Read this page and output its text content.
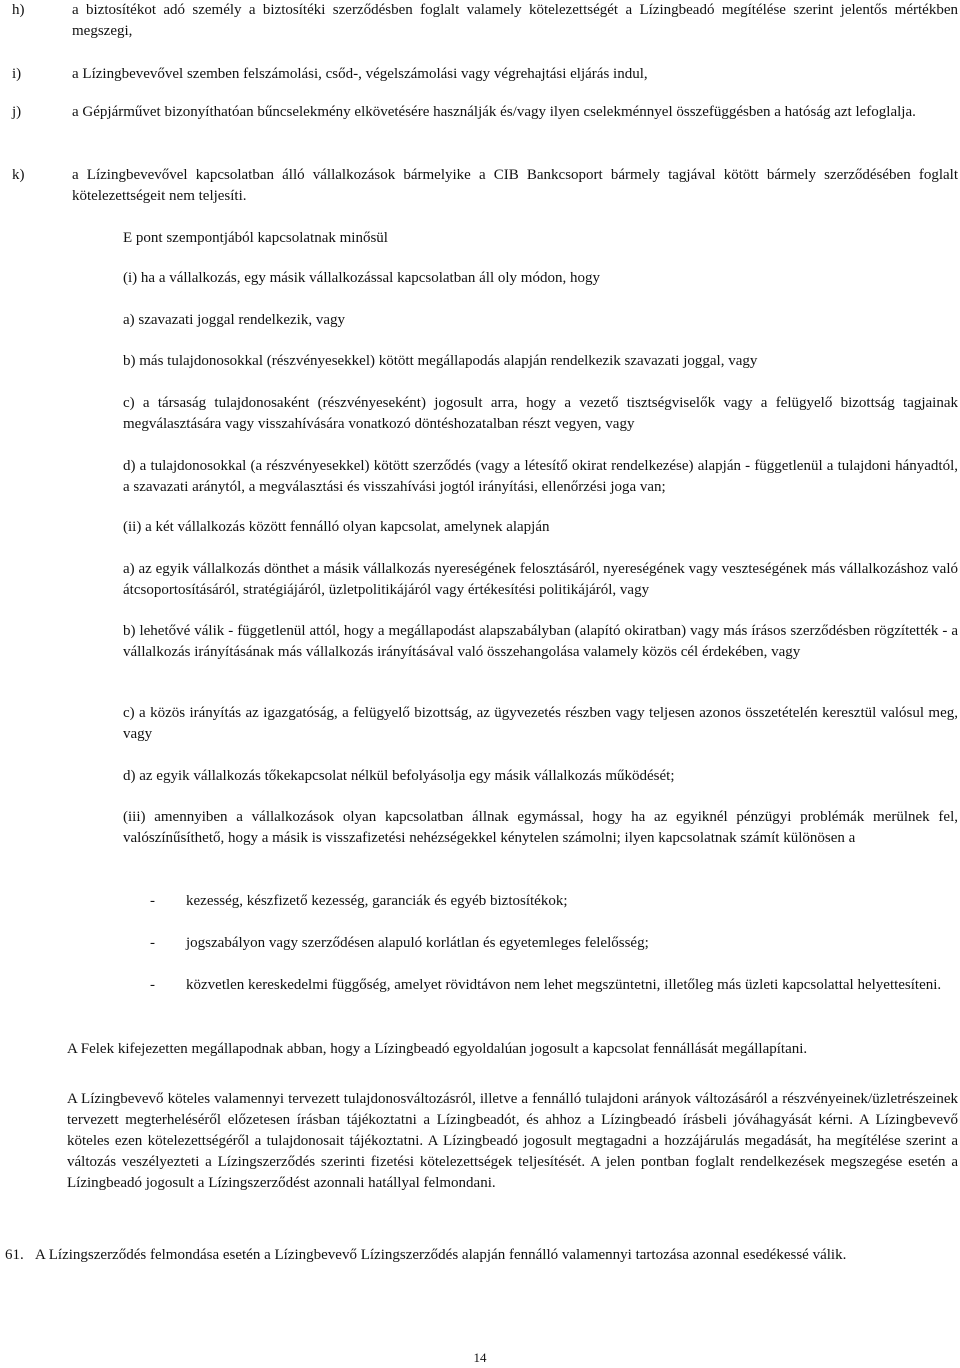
h)	a biztosítékot adó személy a biztosítéki szerződésben foglalt valamely kötelezettségét a Lízingbeadó megítélése szerint jelentős mértékben megszegi,
i)	a Lízingbevevővel szemben felszámolási, csőd-, végelszámolási vagy végrehajtási eljárás indul,
j)	a Gépjárművet bizonyíthatóan bűncselekmény elkövetésére használják és/vagy ilyen cselekménnyel összefüggésben a hatóság azt lefoglalja.
k)	a Lízingbevevővel kapcsolatban álló vállalkozások bármelyike a CIB Bankcsoport bármely tagjával kötött bármely szerződésében foglalt kötelezettségeit nem teljesíti.
E pont szempontjából kapcsolatnak minősül
(i) ha a vállalkozás, egy másik vállalkozással kapcsolatban áll oly módon, hogy
a) szavazati joggal rendelkezik, vagy
b) más tulajdonosokkal (részvényesekkel) kötött megállapodás alapján rendelkezik szavazati joggal, vagy
c) a társaság tulajdonosaként (részvényeseként) jogosult arra, hogy a vezető tisztségviselők vagy a felügyelő bizottság tagjainak megválasztására vagy visszahívására vonatkozó döntéshozatalban részt vegyen, vagy
d) a tulajdonosokkal (a részvényesekkel) kötött szerződés (vagy a létesítő okirat rendelkezése) alapján - függetlenül a tulajdoni hányadtól, a szavazati aránytól, a megválasztási és visszahívási jogtól irányítási, ellenőrzési joga van;
(ii) a két vállalkozás között fennálló olyan kapcsolat, amelynek alapján
a) az egyik vállalkozás dönthet a másik vállalkozás nyereségének felosztásáról, nyereségének vagy veszteségének más vállalkozáshoz való átcsoportosításáról, stratégiájáról, üzletpolitikájáról vagy értékesítési politikájáról, vagy
b) lehetővé válik - függetlenül attól, hogy a megállapodást alapszabályban (alapító okiratban) vagy más írásos szerződésben rögzítették - a vállalkozás irányításának más vállalkozás irányításával való összehangolása valamely közös cél érdekében, vagy
c) a közös irányítás az igazgatóság, a felügyelő bizottság, az ügyvezetés részben vagy teljesen azonos összetételén keresztül valósul meg, vagy
d) az egyik vállalkozás tőkekapcsolat nélkül befolyásolja egy másik vállalkozás működését;
(iii) amennyiben a vállalkozások olyan kapcsolatban állnak egymással, hogy ha az egyiknél pénzügyi problémák merülnek fel, valószínűsíthető, hogy a másik is visszafizetési nehézségekkel kénytelen számolni; ilyen kapcsolatnak számít különösen a
- kezesség, készfizető kezesség, garanciák és egyéb biztosítékok;
- jogszabályon vagy szerződésen alapuló korlátlan és egyetemleges felelősség;
- közvetlen kereskedelmi függőség, amelyet rövidtávon nem lehet megszüntetni, illetőleg más üzleti kapcsolattal helyettesíteni.
A Felek kifejezetten megállapodnak abban, hogy a Lízingbeadó egyoldalúan jogosult a kapcsolat fennállását megállapítani.
A Lízingbevevő köteles valamennyi tervezett tulajdonosváltozásról, illetve a fennálló tulajdoni arányok változásáról a részvényeinek/üzletrészeinek tervezett megterheléséről előzetesen írásban tájékoztatni a Lízingbeadót, és ahhoz a Lízingbeadó írásbeli jóváhagyását kérni. A Lízingbevevő köteles ezen kötelezettségéről a tulajdonosait tájékoztatni. A Lízingbeadó jogosult megtagadni a hozzájárulás megadását, ha megítélése szerint a változás veszélyezteti a Lízingszerződés szerinti fizetési kötelezettségek teljesítését. A jelen pontban foglalt rendelkezések megszegése esetén a Lízingbeadó jogosult a Lízingszerződést azonnali hatállyal felmondani.
61. A Lízingszerződés felmondása esetén a Lízingbevevő Lízingszerződés alapján fennálló valamennyi tartozása azonnal esedékessé válik.
14
